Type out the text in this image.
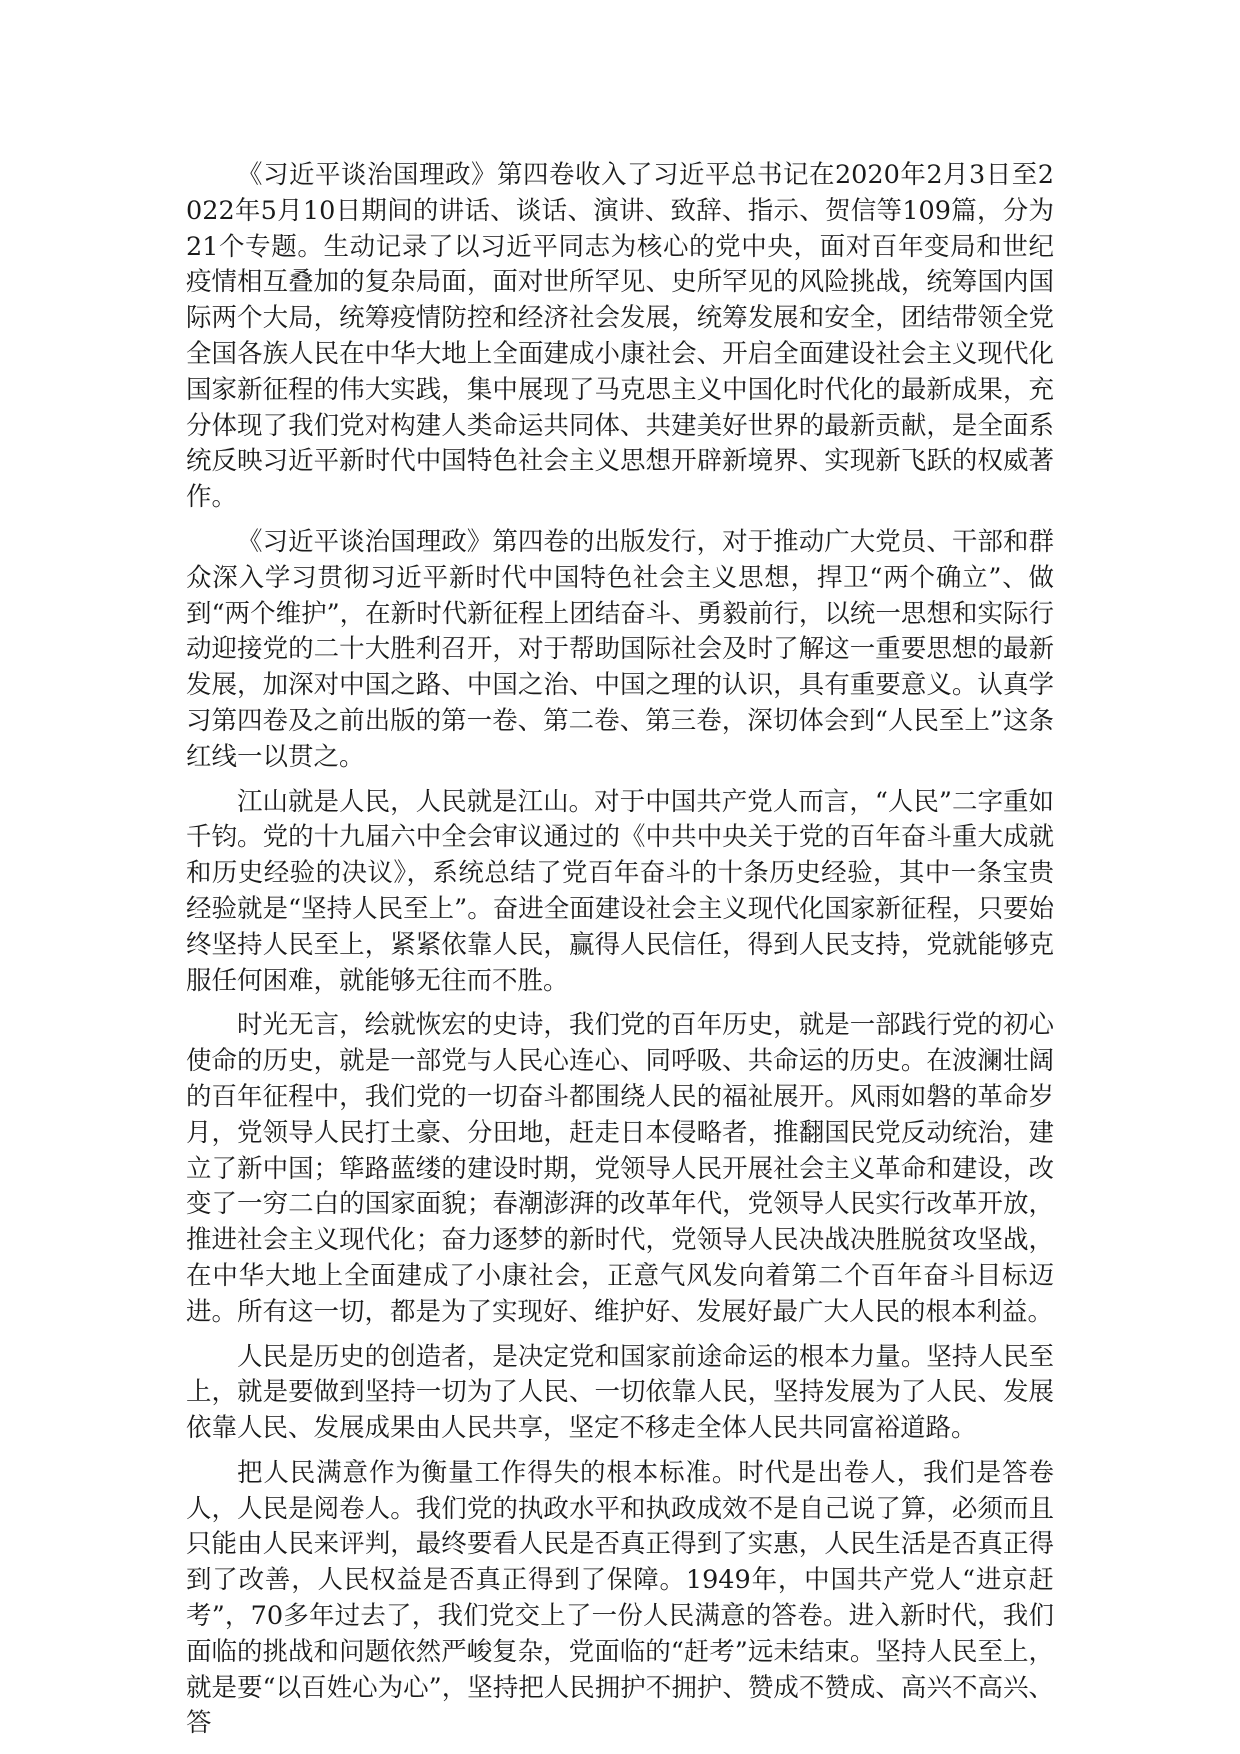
《习近平谈治国理政》第四卷收入了习近平总书记在2020年2月3日至2022年5月10日期间的讲话、谈话、演讲、致辞、指示、贺信等109篇，分为21个专题。生动记录了以习近平同志为核心的党中央，面对百年变局和世纪疫情相互叠加的复杂局面，面对世所罕见、史所罕见的风险挑战，统筹国内国际两个大局，统筹疫情防控和经济社会发展，统筹发展和安全，团结带领全党全国各族人民在中华大地上全面建成小康社会、开启全面建设社会主义现代化国家新征程的伟大实践，集中展现了马克思主义中国化时代化的最新成果，充分体现了我们党对构建人类命运共同体、共建美好世界的最新贡献，是全面系统反映习近平新时代中国特色社会主义思想开辟新境界、实现新飞跃的权威著作。

《习近平谈治国理政》第四卷的出版发行，对于推动广大党员、干部和群众深入学习贯彻习近平新时代中国特色社会主义思想，捍卫“两个确立”、做到“两个维护”，在新时代新征程上团结奋斗、勇毅前行，以统一思想和实际行动迎接党的二十大胜利召开，对于帮助国际社会及时了解这一重要思想的最新发展，加深对中国之路、中国之治、中国之理的认识，具有重要意义。认真学习第四卷及之前出版的第一卷、第二卷、第三卷，深切体会到“人民至上”这条红线一以贯之。

江山就是人民，人民就是江山。对于中国共产党人而言，“人民”二字重如千钧。党的十九届六中全会审议通过的《中共中央关于党的百年奋斗重大成就和历史经验的决议》，系统总结了党百年奋斗的十条历史经验，其中一条宝贵经验就是“坚持人民至上”。奋进全面建设社会主义现代化国家新征程，只要始终坚持人民至上，紧紧依靠人民，赢得人民信任，得到人民支持，党就能够克服任何困难，就能够无往而不胜。

时光无言，绘就恢宏的史诗，我们党的百年历史，就是一部践行党的初心使命的历史，就是一部党与人民心连心、同呼吸、共命运的历史。在波澜壮阔的百年征程中，我们党的一切奋斗都围绕人民的福祉展开。风雨如磐的革命岁月，党领导人民打土豪、分田地，赶走日本侵略者，推翻国民党反动统治，建立了新中国；筚路蓝缕的建设时期，党领导人民开展社会主义革命和建设，改变了一穷二白的国家面貌；春潮澎湃的改革年代，党领导人民实行改革开放，推进社会主义现代化；奋力逐梦的新时代，党领导人民决战决胜脱贫攻坚战，在中华大地上全面建成了小康社会，正意气风发向着第二个百年奋斗目标迈进。所有这一切，都是为了实现好、维护好、发展好最广大人民的根本利益。

人民是历史的创造者，是决定党和国家前途命运的根本力量。坚持人民至上，就是要做到坚持一切为了人民、一切依靠人民，坚持发展为了人民、发展依靠人民、发展成果由人民共享，坚定不移走全体人民共同富裕道路。

把人民满意作为衡量工作得失的根本标准。时代是出卷人，我们是答卷人，人民是阅卷人。我们党的执政水平和执政成效不是自己说了算，必须而且只能由人民来评判，最终要看人民是否真正得到了实惠，人民生活是否真正得到了改善，人民权益是否真正得到了保障。1949年，中国共产党人“进京赶考”，70多年过去了，我们党交上了一份人民满意的答卷。进入新时代，我们面临的挑战和问题依然严峻复杂，党面临的“赶考”远未结束。坚持人民至上，就是要“以百姓心为心”，坚持把人民拥护不拥护、赞成不赞成、高兴不高兴、答
